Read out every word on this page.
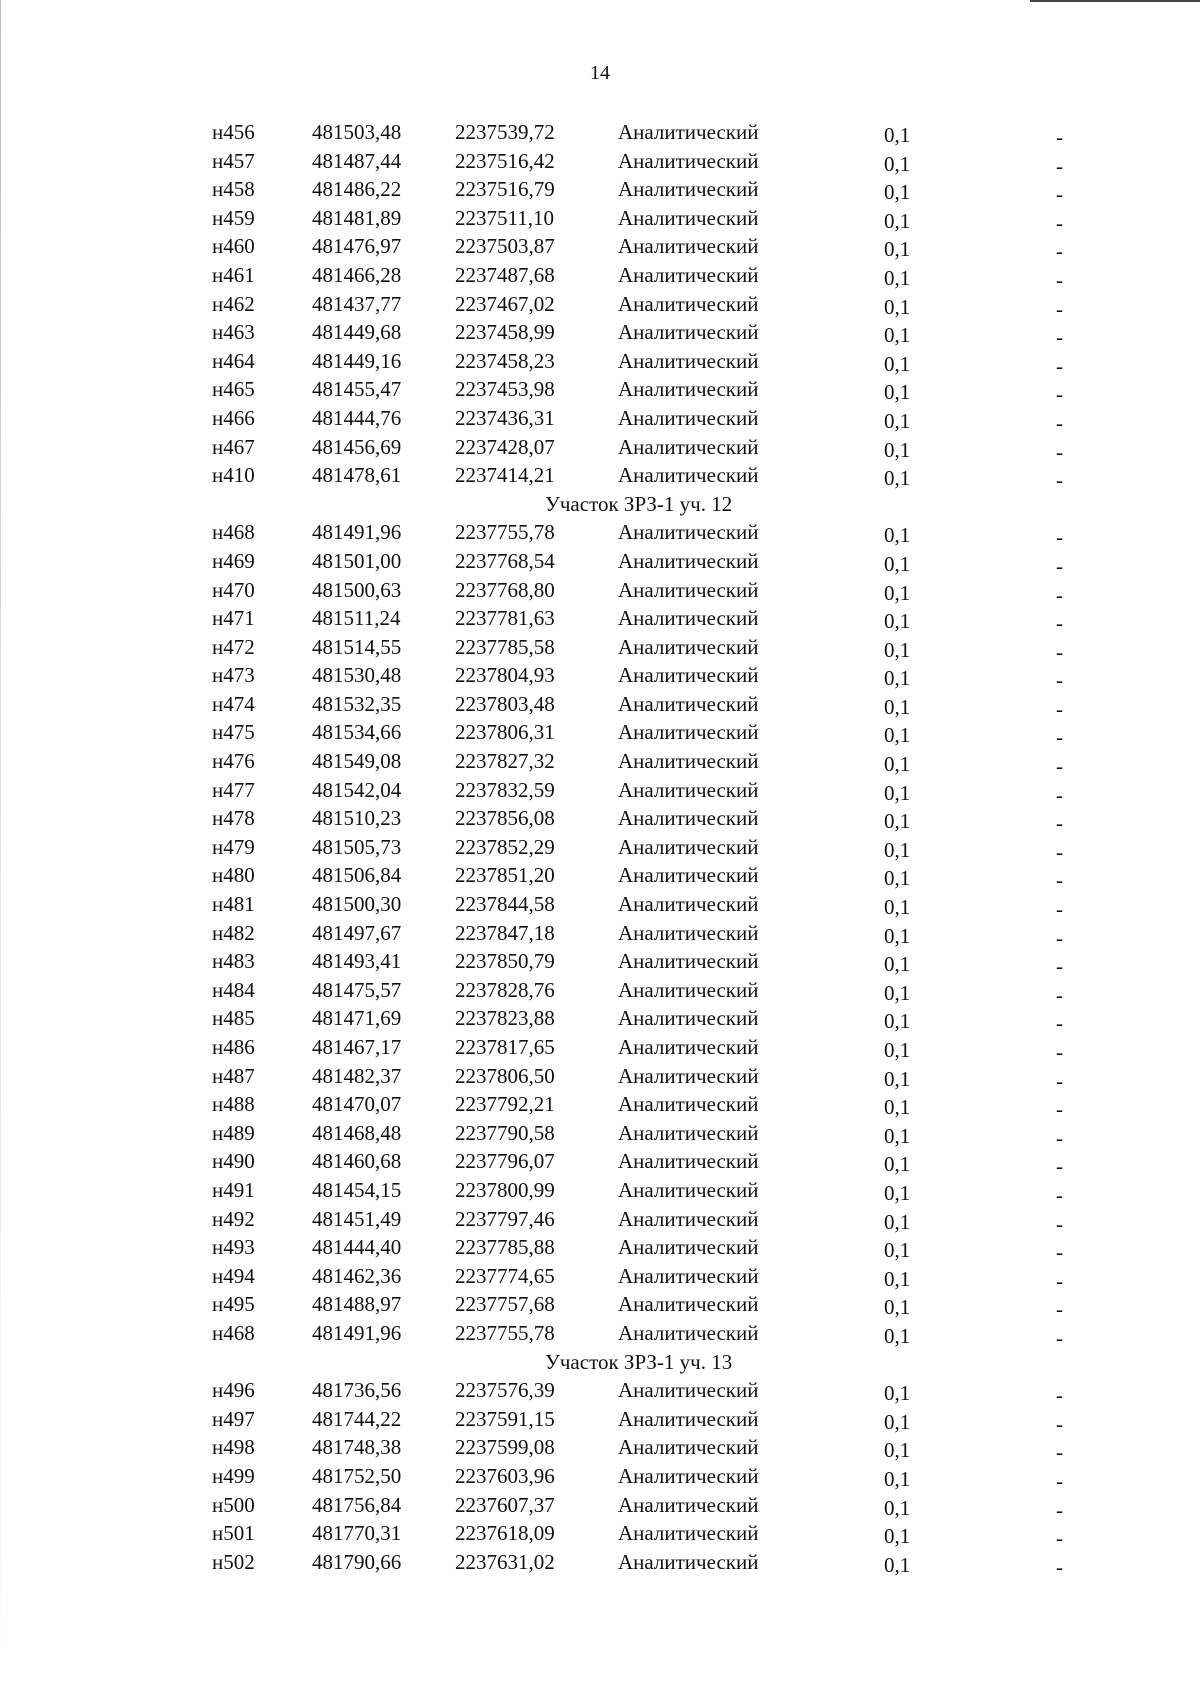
14
н456	481503,48	2237539,72	Аналитический	0,1	-
н457	481487,44	2237516,42	Аналитический	0,1	-
н458	481486,22	2237516,79	Аналитический	0,1	-
н459	481481,89	2237511,10	Аналитический	0,1	-
н460	481476,97	2237503,87	Аналитический	0,1	-
н461	481466,28	2237487,68	Аналитический	0,1	-
н462	481437,77	2237467,02	Аналитический	0,1	-
н463	481449,68	2237458,99	Аналитический	0,1	-
н464	481449,16	2237458,23	Аналитический	0,1	-
н465	481455,47	2237453,98	Аналитический	0,1	-
н466	481444,76	2237436,31	Аналитический	0,1	-
н467	481456,69	2237428,07	Аналитический	0,1	-
н410	481478,61	2237414,21	Аналитический	0,1	-
Участок ЗРЗ-1 уч. 12
н468	481491,96	2237755,78	Аналитический	0,1	-
н469	481501,00	2237768,54	Аналитический	0,1	-
н470	481500,63	2237768,80	Аналитический	0,1	-
н471	481511,24	2237781,63	Аналитический	0,1	-
н472	481514,55	2237785,58	Аналитический	0,1	-
н473	481530,48	2237804,93	Аналитический	0,1	-
н474	481532,35	2237803,48	Аналитический	0,1	-
н475	481534,66	2237806,31	Аналитический	0,1	-
н476	481549,08	2237827,32	Аналитический	0,1	-
н477	481542,04	2237832,59	Аналитический	0,1	-
н478	481510,23	2237856,08	Аналитический	0,1	-
н479	481505,73	2237852,29	Аналитический	0,1	-
н480	481506,84	2237851,20	Аналитический	0,1	-
н481	481500,30	2237844,58	Аналитический	0,1	-
н482	481497,67	2237847,18	Аналитический	0,1	-
н483	481493,41	2237850,79	Аналитический	0,1	-
н484	481475,57	2237828,76	Аналитический	0,1	-
н485	481471,69	2237823,88	Аналитический	0,1	-
н486	481467,17	2237817,65	Аналитический	0,1	-
н487	481482,37	2237806,50	Аналитический	0,1	-
н488	481470,07	2237792,21	Аналитический	0,1	-
н489	481468,48	2237790,58	Аналитический	0,1	-
н490	481460,68	2237796,07	Аналитический	0,1	-
н491	481454,15	2237800,99	Аналитический	0,1	-
н492	481451,49	2237797,46	Аналитический	0,1	-
н493	481444,40	2237785,88	Аналитический	0,1	-
н494	481462,36	2237774,65	Аналитический	0,1	-
н495	481488,97	2237757,68	Аналитический	0,1	-
н468	481491,96	2237755,78	Аналитический	0,1	-
Участок ЗРЗ-1 уч. 13
н496	481736,56	2237576,39	Аналитический	0,1	-
н497	481744,22	2237591,15	Аналитический	0,1	-
н498	481748,38	2237599,08	Аналитический	0,1	-
н499	481752,50	2237603,96	Аналитический	0,1	-
н500	481756,84	2237607,37	Аналитический	0,1	-
н501	481770,31	2237618,09	Аналитический	0,1	-
н502	481790,66	2237631,02	Аналитический	0,1	-
